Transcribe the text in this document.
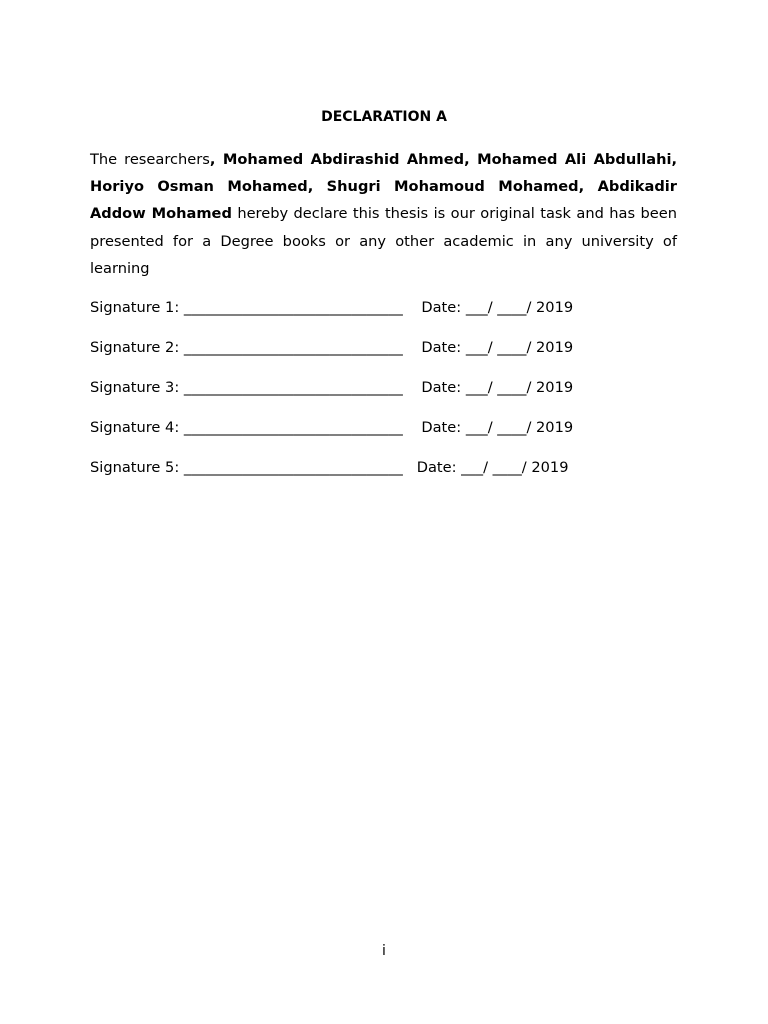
DECLARATION A

The researchers, Mohamed Abdirashid Ahmed, Mohamed Ali Abdullahi, Horiyo Osman Mohamed, Shugri Mohamoud Mohamed, Abdikadir Addow Mohamed hereby declare this thesis is our original task and has been presented for a Degree books or any other academic in any university of learning

Signature 1: ______________________________ Date: ___/ ____/ 2019
Signature 2: ______________________________ Date: ___/ ____/ 2019
Signature 3: ______________________________ Date: ___/ ____/ 2019
Signature 4: ______________________________ Date: ___/ ____/ 2019
Signature 5: ______________________________ Date: ___/ ____/ 2019
i
